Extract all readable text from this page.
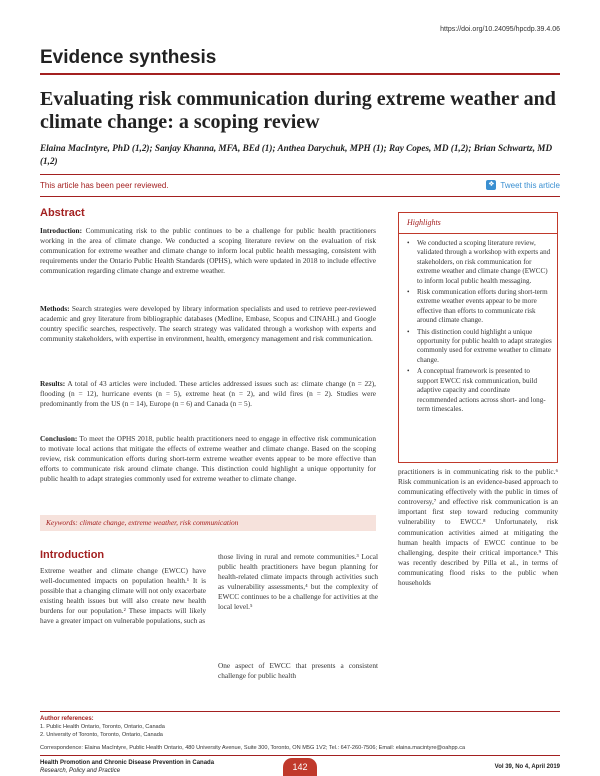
https://doi.org/10.24095/hpcdp.39.4.06
Evidence synthesis
Evaluating risk communication during extreme weather and climate change: a scoping review
Elaina MacIntyre, PhD (1,2); Sanjay Khanna, MFA, BEd (1); Anthea Darychuk, MPH (1); Ray Copes, MD (1,2); Brian Schwartz, MD (1,2)
This article has been peer reviewed.	❖ Tweet this article
Abstract
Introduction: Communicating risk to the public continues to be a challenge for public health practitioners working in the area of climate change. We conducted a scoping literature review on the evaluation of risk communication for extreme weather and climate change to inform local public health messaging, consistent with requirements under the Ontario Public Health Standards (OPHS), which were updated in 2018 to include effective communication regarding climate change and extreme weather.
Methods: Search strategies were developed by library information specialists and used to retrieve peer-reviewed academic and grey literature from bibliographic databases (Medline, Embase, Scopus and CINAHL) and Google country specific searches, respectively. The search strategy was validated through a workshop with experts and community stakeholders, with expertise in environment, health, emergency management and risk communication.
Results: A total of 43 articles were included. These articles addressed issues such as: climate change (n = 22), flooding (n = 12), hurricane events (n = 5), extreme heat (n = 2), and wild fires (n = 2). Studies were predominantly from the US (n = 14), Europe (n = 6) and Canada (n = 5).
Conclusion: To meet the OPHS 2018, public health practitioners need to engage in effective risk communication to motivate local actions that mitigate the effects of extreme weather and climate change. Based on the scoping review, risk communication efforts during short-term extreme weather events appear to be more effective than efforts to communicate risk around climate change. This distinction could highlight a unique opportunity for public health to adapt strategies commonly used for extreme weather to climate change.
Highlights
• We conducted a scoping literature review, validated through a workshop with experts and stakeholders, on risk communication for extreme weather and climate change (EWCC) to inform local public health messaging.
• Risk communication efforts during short-term extreme weather events appear to be more effective than efforts to communicate risk around climate change.
• This distinction could highlight a unique opportunity for public health to adapt strategies commonly used for extreme weather to climate change.
• A conceptual framework is presented to support EWCC risk communication, build adaptive capacity and coordinate recommended actions across short- and long-term timescales.
Keywords: climate change, extreme weather, risk communication
Introduction
Extreme weather and climate change (EWCC) have well-documented impacts on population health.¹ It is possible that a changing climate will not only exacerbate existing health issues but will also create new health burdens for our population.² These impacts will likely have a greater impact on vulnerable populations, such as
those living in rural and remote communities.³ Local public health practitioners have begun planning for health-related climate impacts through activities such as vulnerability assessments,⁴ but the complexity of EWCC continues to be a challenge for activities at the local level.⁵
One aspect of EWCC that presents a consistent challenge for public health
practitioners is in communicating risk to the public.⁶ Risk communication is an evidence-based approach to communicating effectively with the public in times of controversy,⁷ and effective risk communication is an important first step toward reducing community vulnerability to EWCC.⁸ Unfortunately, risk communication activities aimed at mitigating the human health impacts of EWCC continue to be challenging, despite their critical importance.⁹ This was recently described by Pilla et al., in terms of communicating flood risks to the public when households
Author references:
1. Public Health Ontario, Toronto, Ontario, Canada
2. University of Toronto, Toronto, Ontario, Canada
Correspondence: Elaina MacIntyre, Public Health Ontario, 480 University Avenue, Suite 300, Toronto, ON M5G 1V2; Tel.: 647-260-7506; Email: elaina.macintyre@oahpp.ca
Health Promotion and Chronic Disease Prevention in Canada
Research, Policy and Practice	142	Vol 39, No 4, April 2019
